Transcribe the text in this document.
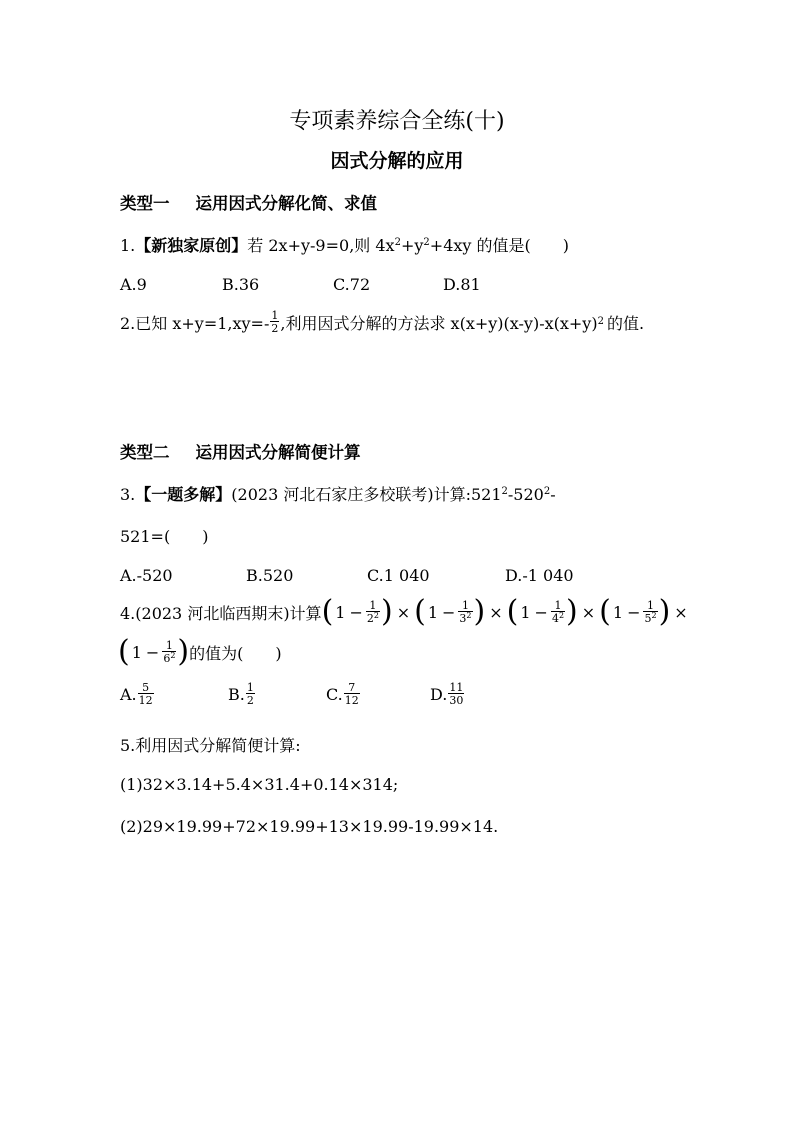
专项素养综合全练(十)
因式分解的应用
类型一 运用因式分解化简、求值
1.【新独家原创】若 2x+y-9=0,则 $4x^2+y^2+4xy$ 的值是(　　)
A.9	B.36	C.72	D.81
2.已知 $x+y=1,xy=- \frac{1}{2}$ ,利用因式分解的方法求 x(x+y)(x-y)-x(x+y) 2 的值.
类型二 运用因式分解简便计算
3.【一题多解】(2023 河北石家庄多校联考)计算$:521^2-520^2-$
521=(　　)
A.-520	B.520	C.1 040	D.-1 040
4.(2023 河北临西期末)计算 ( $1 - \frac{1}{2^2}$ ) × ( $1 - \frac{1}{3^2}$ ) × ( $1 - \frac{1}{4^2}$ ) × ( $1 - \frac{1}{5^2}$ ) ×
( $1 - \frac{1}{6^2}$ ) 的值为(　　)
A. $\frac{5}{12}$	B. $\frac{1}{2}$	C. $\frac{7}{12}$	D. $\frac{11}{30}$
5.利用因式分解简便计算:
(1)32×3.14+5.4×31.4+0.14×314;
(2)29×19.99+72×19.99+13×19.99-19.99×14.
